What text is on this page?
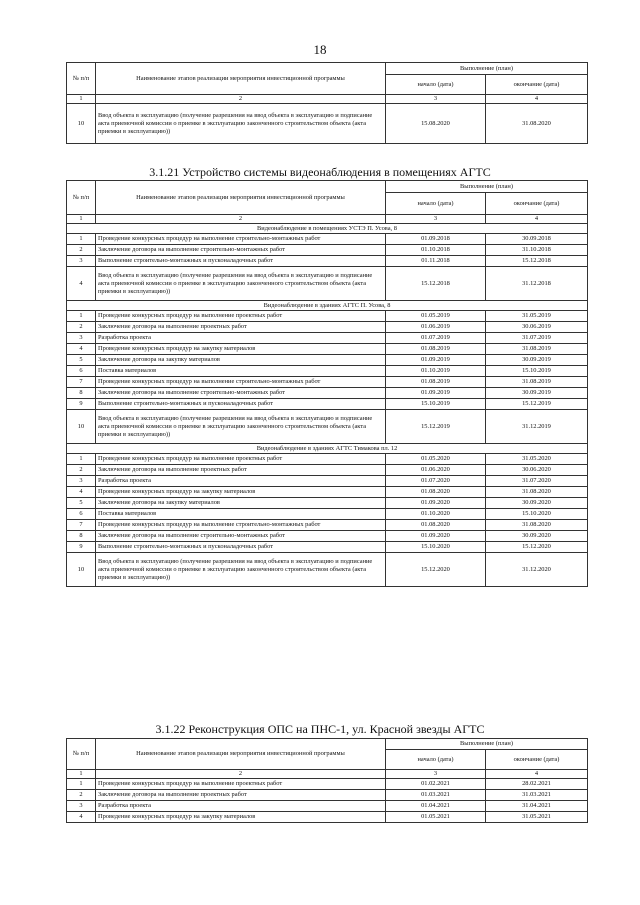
18
№ п/п	Наименование этапов реализации мероприятия инвестиционной программы	Выполнение (план)	
		начало (дата)	окончание (дата)
1	2	3	4
10	Ввод объекта в эксплуатацию (получение разрешения на ввод объекта в эксплуатацию и подписание акта приемочной комиссии о приемке в эксплуатацию законченного строительством объекта (акта приемки в эксплуатацию))	15.08.2020	31.08.2020
3.1.21 Устройство системы видеонаблюдения в помещениях АГТС
№ п/п	Наименование этапов реализации мероприятия инвестиционной программы	Выполнение (план)	
		начало (дата)	окончание (дата)
1	2	3	4
Видеонаблюдение в помещениях УСТЭ П. Усова, 8			
1	Проведение конкурсных процедур на выполнение строительно-монтажных работ	01.09.2018	30.09.2018
2	Заключение договора на выполнение строительно-монтажных работ	01.10.2018	31.10.2018
3	Выполнение строительно-монтажных и пусконаладочных работ	01.11.2018	15.12.2018
4	Ввод объекта в эксплуатацию (получение разрешения на ввод объекта в эксплуатацию и подписание акта приемочной комиссии о приемке в эксплуатацию законченного строительством объекта (акта приемки в эксплуатацию))	15.12.2018	31.12.2018
Видеонаблюдение в зданиях АГТС П. Усова, 8			
1	Проведение конкурсных процедур на выполнение проектных работ	01.05.2019	31.05.2019
2	Заключение договора на выполнение проектных работ	01.06.2019	30.06.2019
3	Разработка проекта	01.07.2019	31.07.2019
4	Проведение конкурсных процедур на закупку материалов	01.08.2019	31.08.2019
5	Заключение договора на закупку материалов	01.09.2019	30.09.2019
6	Поставка материалов	01.10.2019	15.10.2019
7	Проведение конкурсных процедур на выполнение строительно-монтажных работ	01.08.2019	31.08.2019
8	Заключение договора на выполнение строительно-монтажных работ	01.09.2019	30.09.2019
9	Выполнение строительно-монтажных и пусконаладочных работ	15.10.2019	15.12.2019
10	Ввод объекта в эксплуатацию (получение разрешения на ввод объекта в эксплуатацию и подписание акта приемочной комиссии о приемке в эксплуатацию законченного строительством объекта (акта приемки в эксплуатацию))	15.12.2019	31.12.2019
Видеонаблюдение в зданиях АГТС Тимакова пл. 12			
1	Проведение конкурсных процедур на выполнение проектных работ	01.05.2020	31.05.2020
2	Заключение договора на выполнение проектных работ	01.06.2020	30.06.2020
3	Разработка проекта	01.07.2020	31.07.2020
4	Проведение конкурсных процедур на закупку материалов	01.08.2020	31.08.2020
5	Заключение договора на закупку материалов	01.09.2020	30.09.2020
6	Поставка материалов	01.10.2020	15.10.2020
7	Проведение конкурсных процедур на выполнение строительно-монтажных работ	01.08.2020	31.08.2020
8	Заключение договора на выполнение строительно-монтажных работ	01.09.2020	30.09.2020
9	Выполнение строительно-монтажных и пусконаладочных работ	15.10.2020	15.12.2020
10	Ввод объекта в эксплуатацию (получение разрешения на ввод объекта в эксплуатацию и подписание акта приемочной комиссии о приемке в эксплуатацию законченного строительством объекта (акта приемки в эксплуатацию))	15.12.2020	31.12.2020
3.1.22 Реконструкция ОПС на ПНС-1, ул. Красной звезды АГТС
№ п/п	Наименование этапов реализации мероприятия инвестиционной программы	Выполнение (план)	
		начало (дата)	окончание (дата)
1	2	3	4
1	Проведение конкурсных процедур на выполнение проектных работ	01.02.2021	28.02.2021
2	Заключение договора на выполнение проектных работ	01.03.2021	31.03.2021
3	Разработка проекта	01.04.2021	31.04.2021
4	Проведение конкурсных процедур на закупку материалов	01.05.2021	31.05.2021
